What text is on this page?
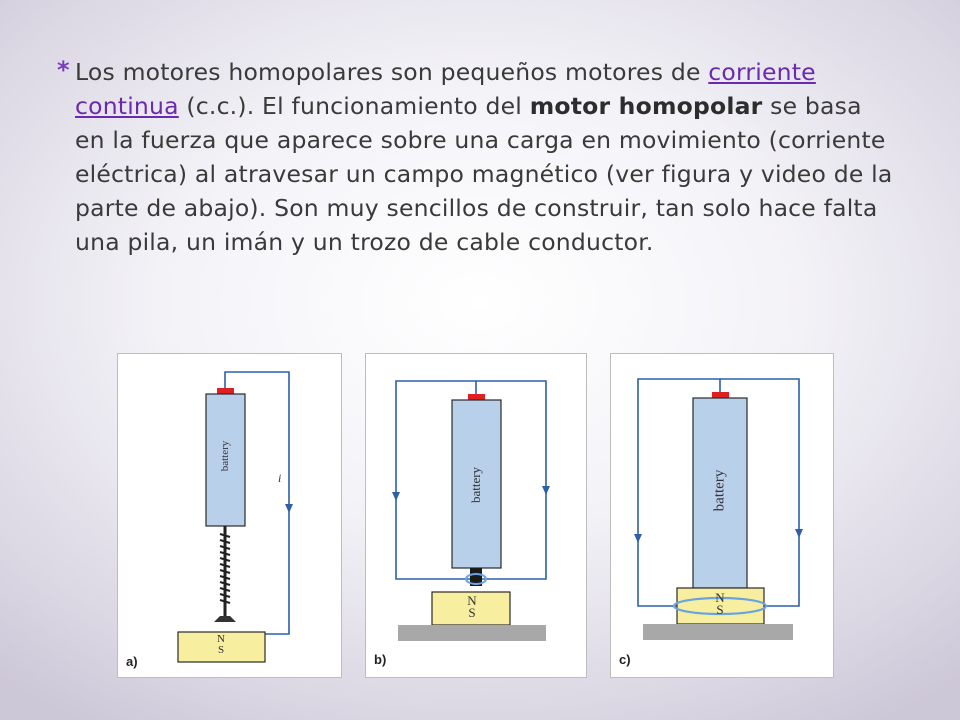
* Los motores homopolares son pequeños motores de corriente continua (c.c.). El funcionamiento del motor homopolar se basa en la fuerza que aparece sobre una carga en movimiento (corriente eléctrica) al atravesar un campo magnético (ver figura y video de la parte de abajo). Son muy sencillos de construir, tan solo hace falta una pila, un imán y un trozo de cable conductor.
battery
i
N
S
a)
battery
N
S
b)
battery
N
S
c)
